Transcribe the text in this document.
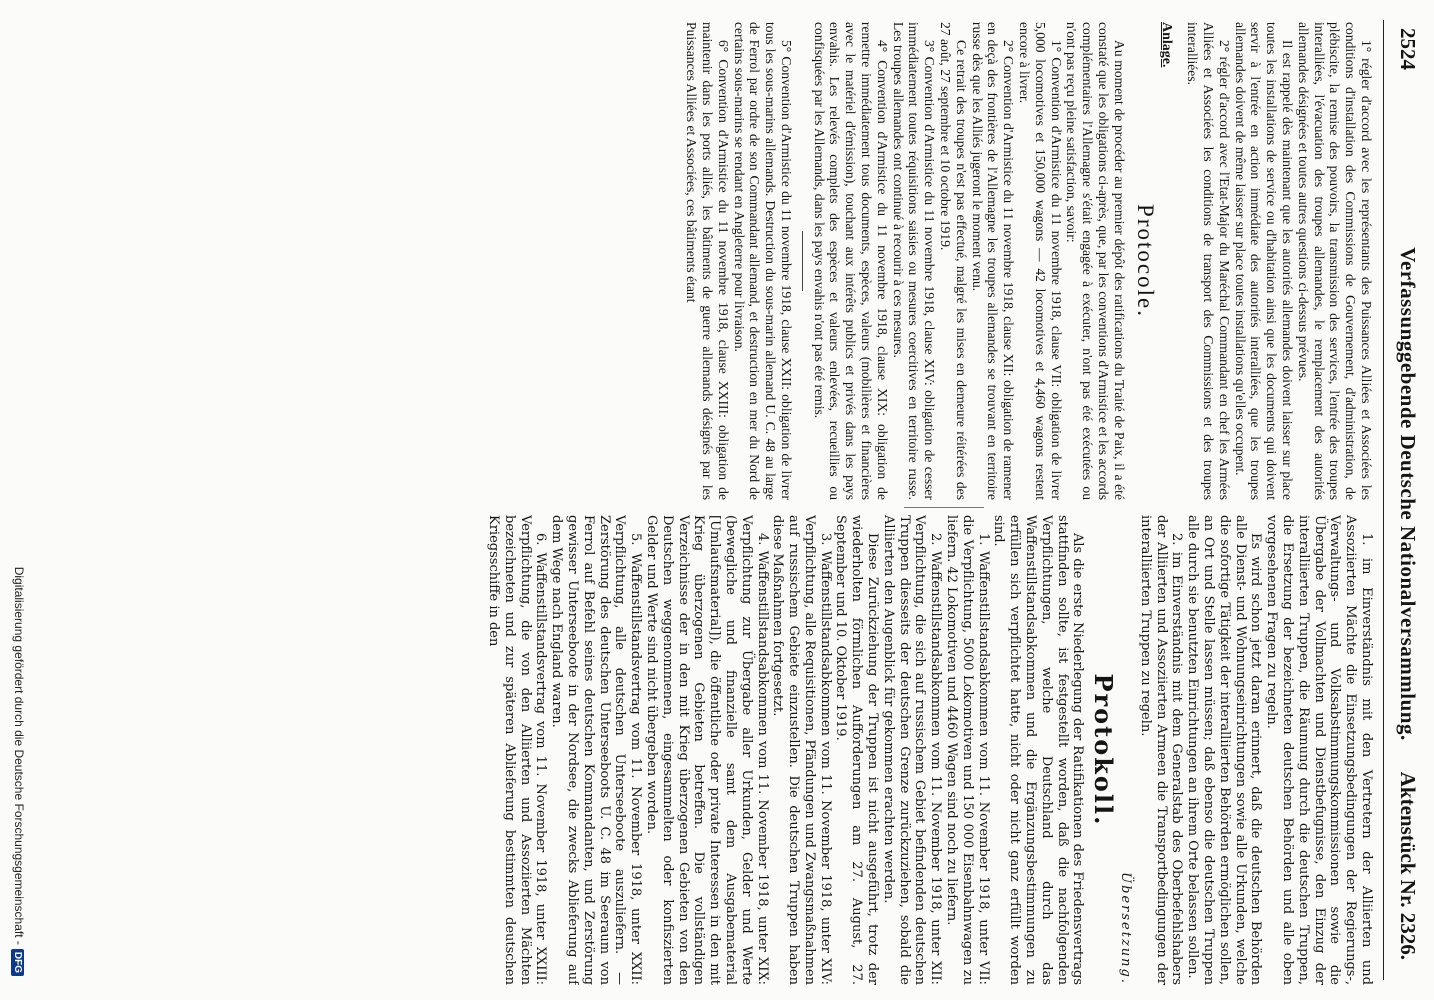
2524
Verfassunggebende Deutsche Nationalversammlung.
Aktenstück Nr. 2326.

1° régler d'accord avec les représentants des Puissances Alliées et Associées les conditions d'installation des Commissions de Gouvernement, d'administration, de plébiscite, la remise des pouvoirs, la transmission des services, l'entrée des troupes interalliées, l'évacuation des troupes allemandes, le remplacement des autorités allemandes désignées et toutes autres questions ci-dessus prévues.

Il est rappelé dès maintenant que les autorités allemandes doivent laisser sur place toutes les installations de service ou d'habitation ainsi que les documents qui doivent servir à l'entrée en action immédiate des autorités interalliées, que les troupes allemandes doivent de même laisser sur place toutes installations qu'elles occupent.

2° régler d'accord avec l'Etat-Major du Maréchal Commandant en chef les Armées Alliées et Associées les conditions de transport des Commissions et des troupes interalliées.

Anlage.

Protocole.

Au moment de procéder au premier dépôt des ratifications du Traité de Paix, il a été constaté que les obligations ci-après, que, par les conventions d'Armistice et les accords complémentaires l'Allemagne s'était engagée à exécuter, n'ont pas été exécutées ou n'ont pas reçu pleine satisfaction, savoir:

1° Convention d'Armistice du 11 novembre 1918, clause VII: obligation de livrer 5,000 locomotives et 150,000 wagons — 42 locomotives et 4,460 wagons restent encore à livrer.

2° Convention d'Armistice du 11 novembre 1918, clause XII: obligation de ramener en deçà des frontières de l'Allemagne les troupes allemandes se trouvant en territoire russe dès que les Alliés jugeront le moment venu.

Ce retrait des troupes n'est pas effectué, malgré les mises en demeure réitérées des 27 août, 27 septembre et 10 octobre 1919.

3° Convention d'Armistice du 11 novembre 1918, clause XIV: obligation de cesser immédiatement toutes réquisitions saisies ou mesures coercitives en territoire russe. Les troupes allemandes ont continué à recourir à ces mesures.

4° Convention d'Armistice du 11 novembre 1918, clause XIX: obligation de remettre immédiatement tous documents, espèces, valeurs (mobilières et financières avec le matériel d'émission), touchant aux intérêts publics et privés dans les pays envahis. Les relevés complets des espèces et valeurs enlevées, recueillies ou confisquées par les Allemands, dans les pays envahis n'ont pas été remis.

5° Convention d'Armistice du 11 novembre 1918, clause XXII: obligation de livrer tous les sous-marins allemands. Destruction du sous-marin allemand U. C. 48 au large de Ferrol par ordre de son Commandant allemand, et destruction en mer du Nord de certains sous-marins se rendant en Angleterre pour livraison.

6° Convention d'Armistice du 11 novembre 1918, clause XXIII: obligation de maintenir dans les ports alliés, les bâtiments de guerre allemands désignés par les Puissances Alliées et Associées, ces bâtiments étant

1. im Einverständnis mit den Vertretern der Alliierten und Assoziierten Mächte die Einsetzungsbedingungen der Regierungs-, Verwaltungs- und Volksabstimmungskommissionen sowie die Übergabe der Vollmachten und Dienstbefugnisse, den Einzug der interalliierten Truppen, die Räumung durch die deutschen Truppen, die Ersetzung der bezeichneten deutschen Behörden und alle oben vorgesehenen Fragen zu regeln.

Es wird schon jetzt daran erinnert, daß die deutschen Behörden alle Dienst- und Wohnungseinrichtungen sowie alle Urkunden, welche die sofortige Tätigkeit der interalliierten Behörden ermöglichen sollen, an Ort und Stelle lassen müssen; daß ebenso die deutschen Truppen alle durch sie benutzten Einrichtungen an ihrem Orte belassen sollen.

2. im Einverständnis mit dem Generalstab des Oberbefehlshabers der Alliierten und Assoziierten Armeen die Transportbedingungen der interalliierten Truppen zu regeln.

Übersetzung.

Protokoll.

Als die erste Niederlegung der Ratifikationen des Friedensvertrags stattfinden sollte, ist festgestellt worden, daß die nachfolgenden Verpflichtungen, welche Deutschland durch das Waffenstillstandsabkommen und die Ergänzungsbestimmungen zu erfüllen sich verpflichtet hatte, nicht oder nicht ganz erfüllt worden sind.

1. Waffenstillstandsabkommen vom 11. November 1918, unter VII: die Verpflichtung, 5000 Lokomotiven und 150 000 Eisenbahnwagen zu liefern. 42 Lokomotiven und 4460 Wagen sind noch zu liefern.

2. Waffenstillstandsabkommen vom 11. November 1918, unter XII: Verpflichtung, die sich auf russischem Gebiet befindenden deutschen Truppen diesseits der deutschen Grenze zurückzuziehen, sobald die Alliierten den Augenblick für gekommen erachten werden.

Diese Zurückziehung der Truppen ist nicht ausgeführt, trotz der wiederholten förmlichen Aufforderungen am 27. August, 27. September und 10. Oktober 1919.

3. Waffenstillstandsabkommen vom 11. November 1918, unter XIV: Verpflichtung, alle Requisitionen, Pfändungen und Zwangsmaßnahmen auf russischem Gebiete einzustellen. Die deutschen Truppen haben diese Maßnahmen fortgesetzt.

4. Waffenstillstandsabkommen vom 11. November 1918, unter XIX: Verpflichtung zur Übergabe aller Urkunden, Gelder und Werte (bewegliche und finanzielle samt dem Ausgabematerial [Umlaufsmaterial]), die öffentliche oder private Interessen in den mit Krieg überzogenen Gebieten betreffen. Die vollständigen Verzeichnisse der in den mit Krieg überzogenen Gebieten von den Deutschen weggenommenen, eingesammelten oder konfiszierten Gelder und Werte sind nicht übergeben worden.

5. Waffenstillstandsvertrag vom 11. November 1918, unter XXII: Verpflichtung, alle deutschen Unterseeboote auszuliefern. — Zerstörung des deutschen Unterseeboots U. C. 48 im Seeraum von Ferrol auf Befehl seines deutschen Kommandanten, und Zerstörung gewisser Unterseeboote in der Nordsee, die zwecks Ablieferung auf dem Wege nach England waren.

6. Waffenstillstandsvertrag vom 11. November 1918, unter XXIII: Verpflichtung, die von den Alliierten und Assoziierten Mächten bezeichneten und zur späteren Ablieferung bestimmten deutschen Kriegsschiffe in den

Digitalisierung gefördert durch die Deutsche Forschungsgemeinschaft -DFG
